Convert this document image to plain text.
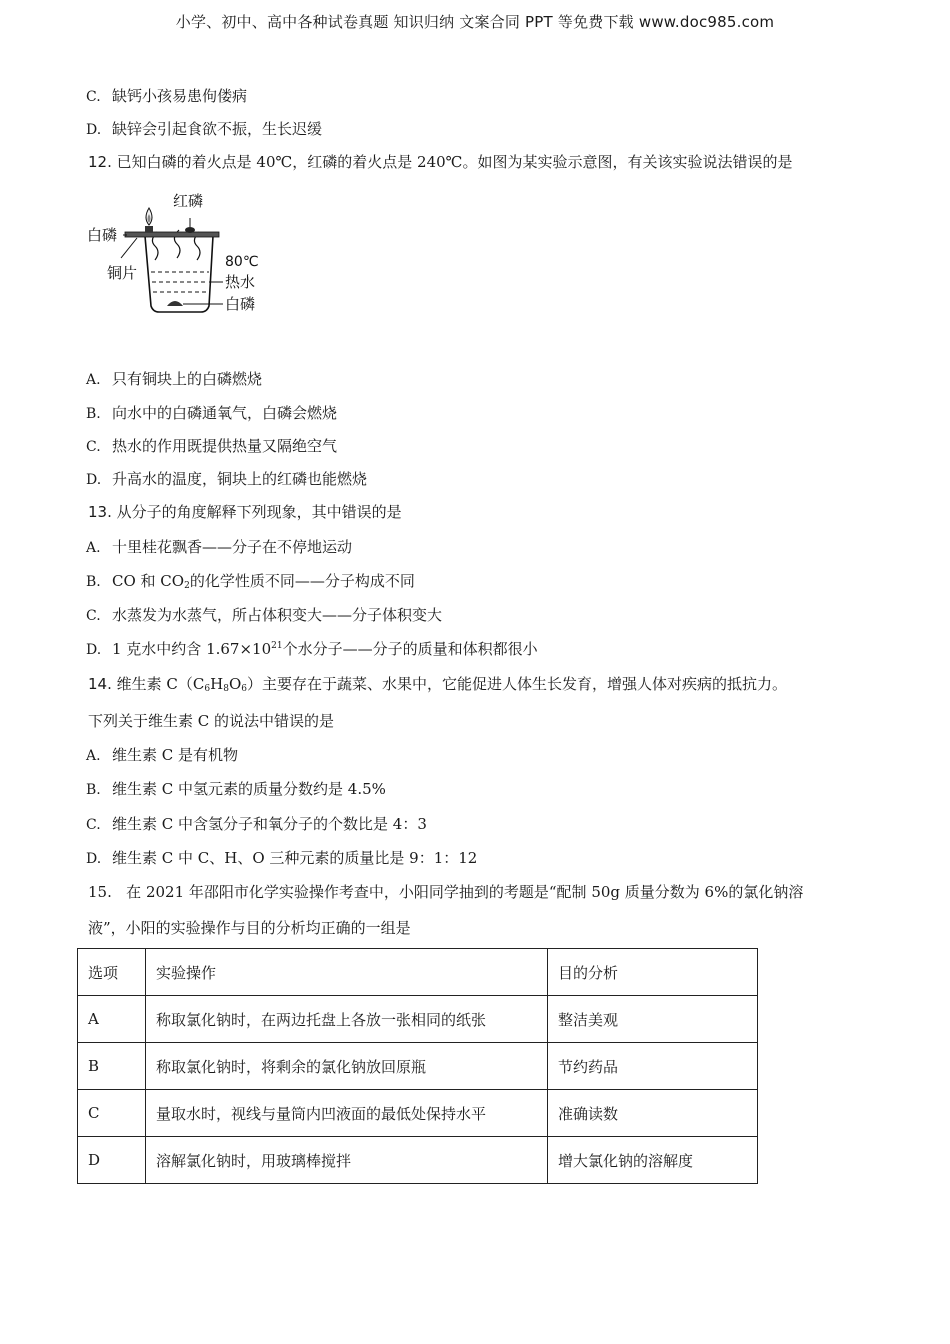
小学、初中、高中各种试卷真题 知识归纳 文案合同 PPT 等免费下载 www.doc985.com
C. 缺钙小孩易患佝偻病
D. 缺锌会引起食欲不振，生长迟缓
12. 已知白磷的着火点是 40℃，红磷的着火点是 240℃。如图为某实验示意图，有关该实验说法错误的是
红磷
白磷
铜片
80℃
热水
白磷
A. 只有铜块上的白磷燃烧
B. 向水中的白磷通氧气，白磷会燃烧
C. 热水的作用既提供热量又隔绝空气
D. 升高水的温度，铜块上的红磷也能燃烧
13. 从分子的角度解释下列现象，其中错误的是
A. 十里桂花飘香——分子在不停地运动
B. CO 和 $CO_2$的化学性质不同——分子构成不同
C. 水蒸发为水蒸气，所占体积变大——分子体积变大
D. 1 克水中约含 $1.67\times 10^{21}$个水分子——分子的质量和体积都很小
14. 维生素 $C(C_6H_8O_6)$主要存在于蔬菜、水果中，它能促进人体生长发育，增强人体对疾病的抵抗力。
下列关于维生素 C 的说法中错误的是
A. 维生素 C 是有机物
B. 维生素 C 中氢元素的质量分数约是 4.5%
C. 维生素 C 中含氢分子和氧分子的个数比是 4：3
D. 维生素 C 中 C、H、O 三种元素的质量比是 9：1：12
15. 在 2021 年邵阳市化学实验操作考查中，小阳同学抽到的考题是“配制 50g 质量分数为 6%的氯化钠溶
液”，小阳的实验操作与目的分析均正确的一组是
选项	实验操作	目的分析
A	称取氯化钠时，在两边托盘上各放一张相同的纸张	整洁美观
B	称取氯化钠时，将剩余的氯化钠放回原瓶	节约药品
C	量取水时，视线与量筒内凹液面的最低处保持水平	准确读数
D	溶解氯化钠时，用玻璃棒搅拌	增大氯化钠的溶解度
